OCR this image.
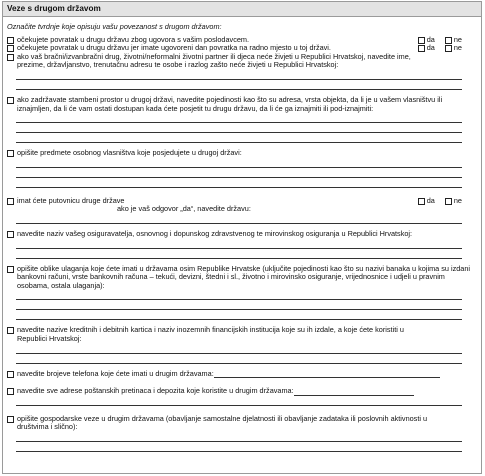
Veze s drugom državom
Označite tvrdnje koje opisuju vašu povezanost s drugom državom:
očekujete povratak u drugu državu zbog ugovora s vašim poslodavcem.	da	ne
očekujete povratak u drugu državu jer imate ugovoreni dan povratka na radno mjesto u toj državi.	da	ne
ako vaš bračni/izvanbračni drug, životni/neformalni životni partner ili djeca neće živjeti u Republici Hrvatskoj, navedite ime, prezime, državljanstvo, trenutačnu adresu te osobe i razlog zašto neće živjeti u Republici Hrvatskoj:
ako zadržavate stambeni prostor u drugoj državi, navedite pojedinosti kao što su adresa, vrsta objekta, da li je u vašem vlasništvu ili iznajmljen, da li će vam ostati dostupan kada ćete posjetit tu drugu državu, da li će ga iznajmiti ili pod-iznajmiti:
opišite predmete osobnog vlasništva koje posjedujete u drugoj državi:
imat ćete putovnicu druge države	da	ne
ako je vaš odgovor „da“, navedite državu:
navedite naziv vašeg osiguravatelja, osnovnog i dopunskog zdravstvenog te mirovinskog osiguranja u Republici Hrvatskoj:
opišite oblike ulaganja koje ćete imati u državama osim Republike Hrvatske (uključite pojedinosti kao što su nazivi banaka u kojima su izdani bankovni računi, vrste bankovnih računa – tekući, devizni, štedni i sl., životno i mirovinsko osiguranje, vrijednosnice i udjeli u pravnim osobama, ostala ulaganja):
navedite nazive kreditnih i debitnih kartica i naziv inozemnih financijskih institucija koje su ih izdale, a koje ćete koristiti u Republici Hrvatskoj:
navedite brojeve telefona koje ćete imati u drugim državama:
navedite sve adrese poštanskih pretinaca i depozita koje koristite u drugim državama:
opišite gospodarske veze u drugim državama (obavljanje samostalne djelatnosti ili obavljanje zadataka ili poslovnih aktivnosti u društvima i slično):
